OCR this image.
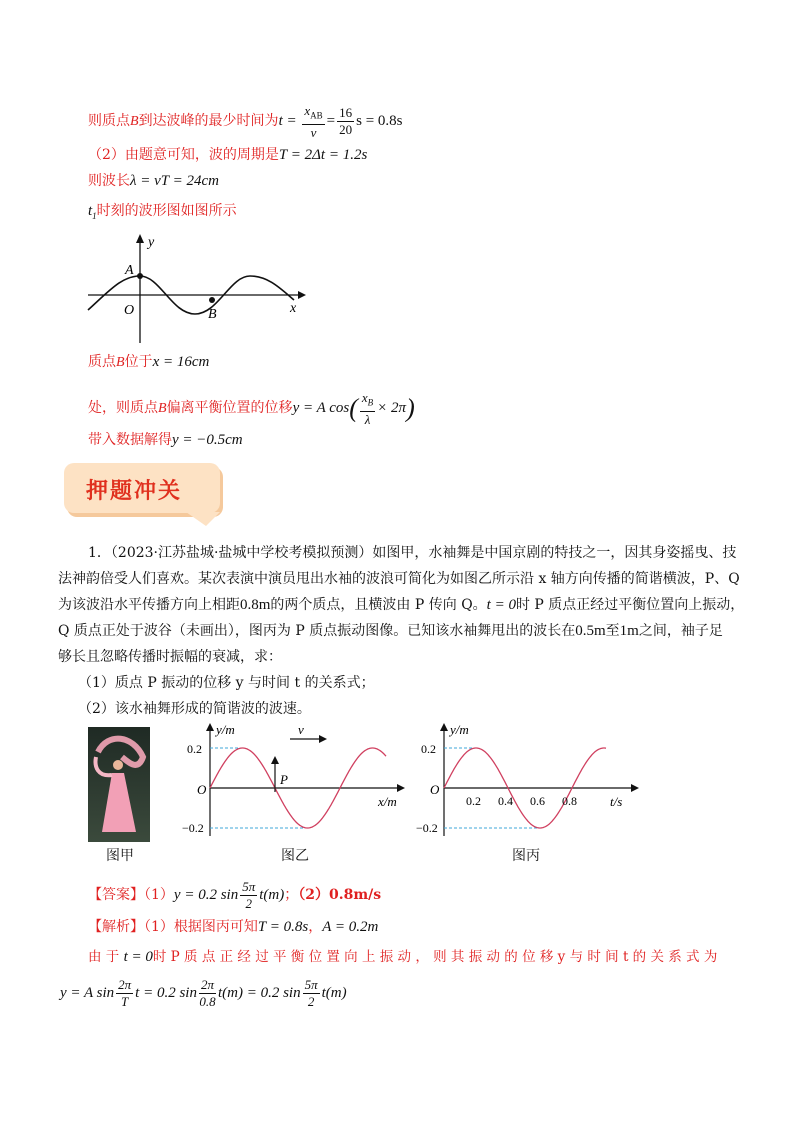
则质点B到达波峰的最少时间为$t = \frac{x_{AB}}{v} = \frac{16}{20}$ s = 0.8s
（2）由题意可知，波的周期是T = 2Δt = 1.2s
则波长λ = vT = 24cm
$t_1$时刻的波形图如图所示
A
O	B
y
x
质点B位于x = 16cm
处，则质点B偏离平衡位置的位移y = A $\cos( \frac{x_B}{\lambda} \times 2\pi)$
带入数据解得y = −0.5cm
押题冲关
1．（2023·江苏盐城·盐城中学校考模拟预测）如图甲，水袖舞是中国京剧的特技之一，因其身姿摇曳、技
法神韵倍受人们喜欢。某次表演中演员甩出水袖的波浪可简化为如图乙所示沿 x 轴方向传播的简谐横波，P、Q
为该波沿水平传播方向上相距0.8m的两个质点，且横波由 P 传向 Q。t = 0时 P 质点正经过平衡位置向上振动，
Q 质点正处于波谷（未画出），图丙为 P 质点振动图像。已知该水袖舞甩出的波长在0.5m至1m之间，袖子足
够长且忽略传播时振幅的衰减，求：
（1）质点 P 振动的位移 y 与时间 t 的关系式；
（2）该水袖舞形成的简谐波的波速。
图甲
v
P
y/m
x/m
O
0.2
−0.2
图乙
y/m
t/s
O
0.2
−0.2
0.2 0.4 0.6 0.8
图丙
【答案】（1）y = 0.2 $\sin \frac{5\pi}{2} t(m)$；（2）0.8m/s
【解析】（1）根据图丙可知T = 0.8s，A = 0.2m
由 于 t = 0时 P 质 点 正 经 过 平 衡 位 置 向 上 振 动 ， 则 其 振 动 的 位 移 y 与 时 间 t 的 关 系 式 为
y = A $\sin \frac{2\pi}{T}$ t = 0.2 $\sin \frac{2\pi}{0.8} t(m) = 0.2$ $\sin \frac{5\pi}{2} t(m)$
